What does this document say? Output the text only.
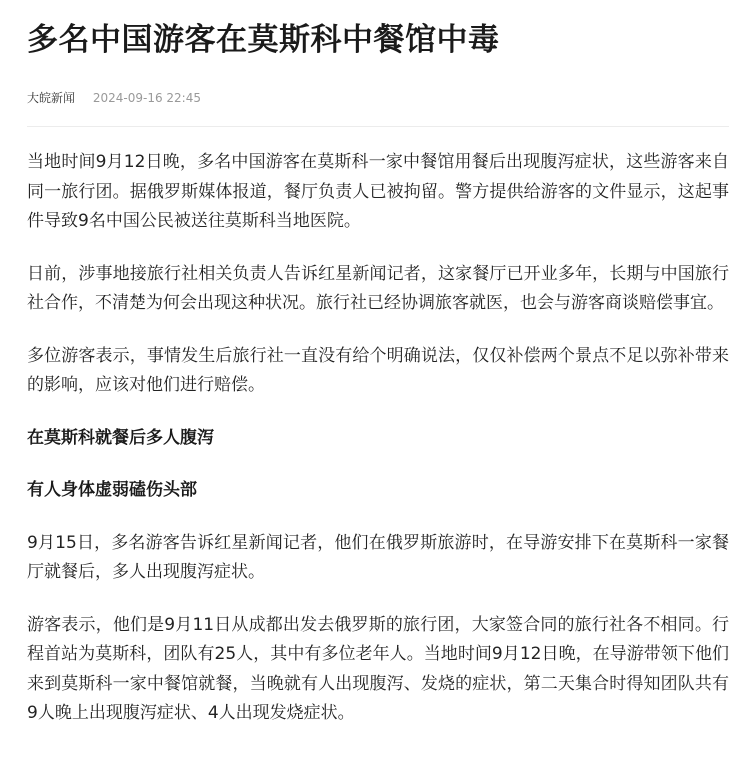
多名中国游客在莫斯科中餐馆中毒
大皖新闻 2024-09-16 22:45

当地时间9月12日晚，多名中国游客在莫斯科一家中餐馆用餐后出现腹泻症状，这些游客来自同一旅行团。据俄罗斯媒体报道，餐厅负责人已被拘留。警方提供给游客的文件显示，这起事件导致9名中国公民被送往莫斯科当地医院。

日前，涉事地接旅行社相关负责人告诉红星新闻记者，这家餐厅已开业多年，长期与中国旅行社合作，不清楚为何会出现这种状况。旅行社已经协调旅客就医，也会与游客商谈赔偿事宜。

多位游客表示，事情发生后旅行社一直没有给个明确说法，仅仅补偿两个景点不足以弥补带来的影响，应该对他们进行赔偿。

在莫斯科就餐后多人腹泻

有人身体虚弱磕伤头部

9月15日，多名游客告诉红星新闻记者，他们在俄罗斯旅游时，在导游安排下在莫斯科一家餐厅就餐后，多人出现腹泻症状。

游客表示，他们是9月11日从成都出发去俄罗斯的旅行团，大家签合同的旅行社各不相同。行程首站为莫斯科，团队有25人，其中有多位老年人。当地时间9月12日晚，在导游带领下他们来到莫斯科一家中餐馆就餐，当晚就有人出现腹泻、发烧的症状，第二天集合时得知团队共有9人晚上出现腹泻症状、4人出现发烧症状。
